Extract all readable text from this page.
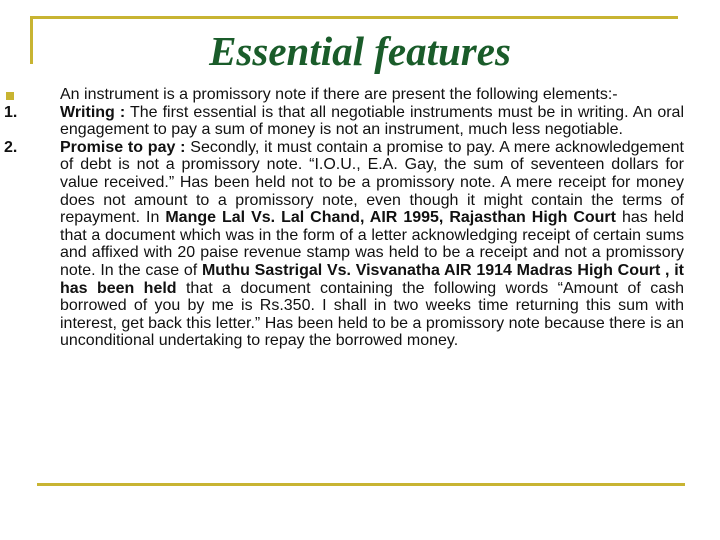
Essential features

An instrument is a promissory note if there are present the following elements:-

1.	Writing : The first essential is that all negotiable instruments must be in writing. An oral engagement to pay a sum of money is not an instrument, much less negotiable.

2.	Promise to pay : Secondly, it must contain a promise to pay. A mere acknowledgement of debt is not a promissory note. “I.O.U., E.A. Gay, the sum of seventeen dollars for value received.” Has been held not to be a promissory note. A mere receipt for money does not amount to a promissory note, even though it might contain the terms of repayment. In Mange Lal Vs. Lal Chand, AIR 1995, Rajasthan High Court has held that a document which was in the form of a letter acknowledging receipt of certain sums and affixed with 20 paise revenue stamp was held to be a receipt and not a promissory note. In the case of Muthu Sastrigal Vs. Visvanatha AIR 1914 Madras High Court , it has been held that a document containing the following words “Amount of cash borrowed of you by me is Rs.350. I shall in two weeks time returning this sum with interest, get back this letter.” Has been held to be a promissory note because there is an unconditional undertaking to repay the borrowed money.
